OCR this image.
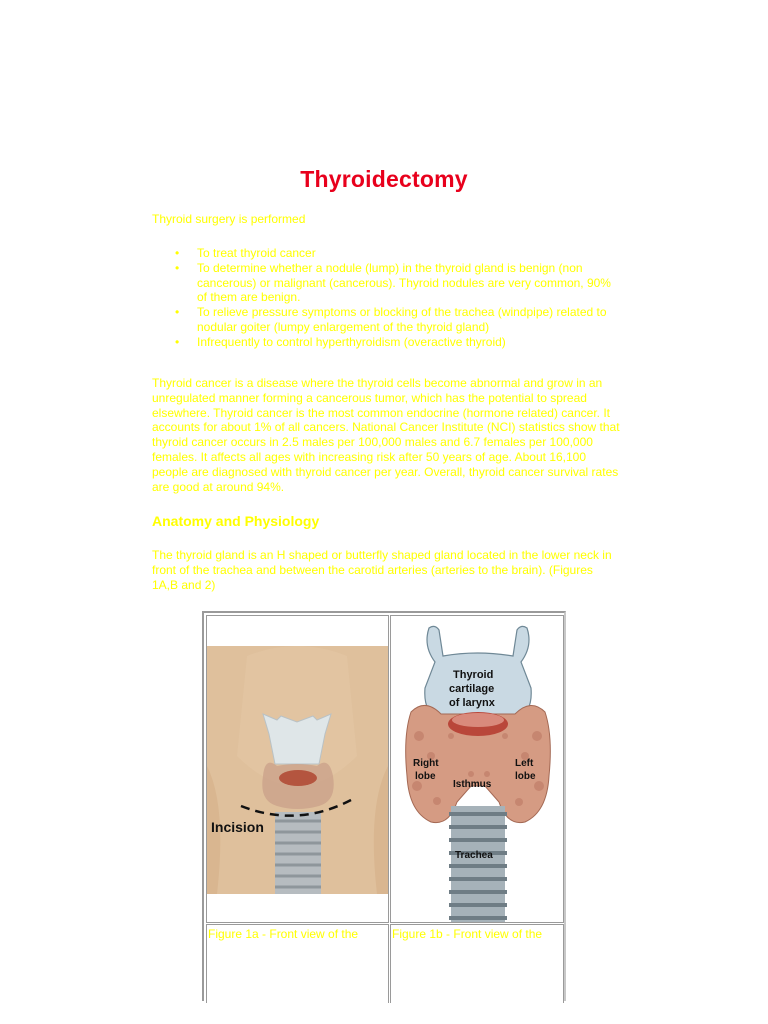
Thyroidectomy
Thyroid surgery is performed
• To treat thyroid cancer
• To determine whether a nodule (lump) in the thyroid gland is benign (non cancerous) or malignant (cancerous). Thyroid nodules are very common, 90% of them are benign.
• To relieve pressure symptoms or blocking of the trachea (windpipe) related to nodular goiter (lumpy enlargement of the thyroid gland)
• Infrequently to control hyperthyroidism (overactive thyroid)
Thyroid cancer is a disease where the thyroid cells become abnormal and grow in an unregulated manner forming a cancerous tumor, which has the potential to spread elsewhere. Thyroid cancer is the most common endocrine (hormone related) cancer. It accounts for about 1% of all cancers. National Cancer Institute (NCI) statistics show that thyroid cancer occurs in 2.5 males per 100,000 males and 6.7 females per 100,000 females. It affects all ages with increasing risk after 50 years of age. About 16,100 people are diagnosed with thyroid cancer per year. Overall, thyroid cancer survival rates are good at around 94%.
Anatomy and Physiology
The thyroid gland is an H shaped or butterfly shaped gland located in the lower neck in front of the trachea and between the carotid arteries (arteries to the brain). (Figures 1A,B and 2)
Incision
Thyroid
cartilage
of larynx
Right
lobe
Left
lobe
Isthmus
Trachea
Figure 1a - Front view of the	Figure 1b - Front view of the
